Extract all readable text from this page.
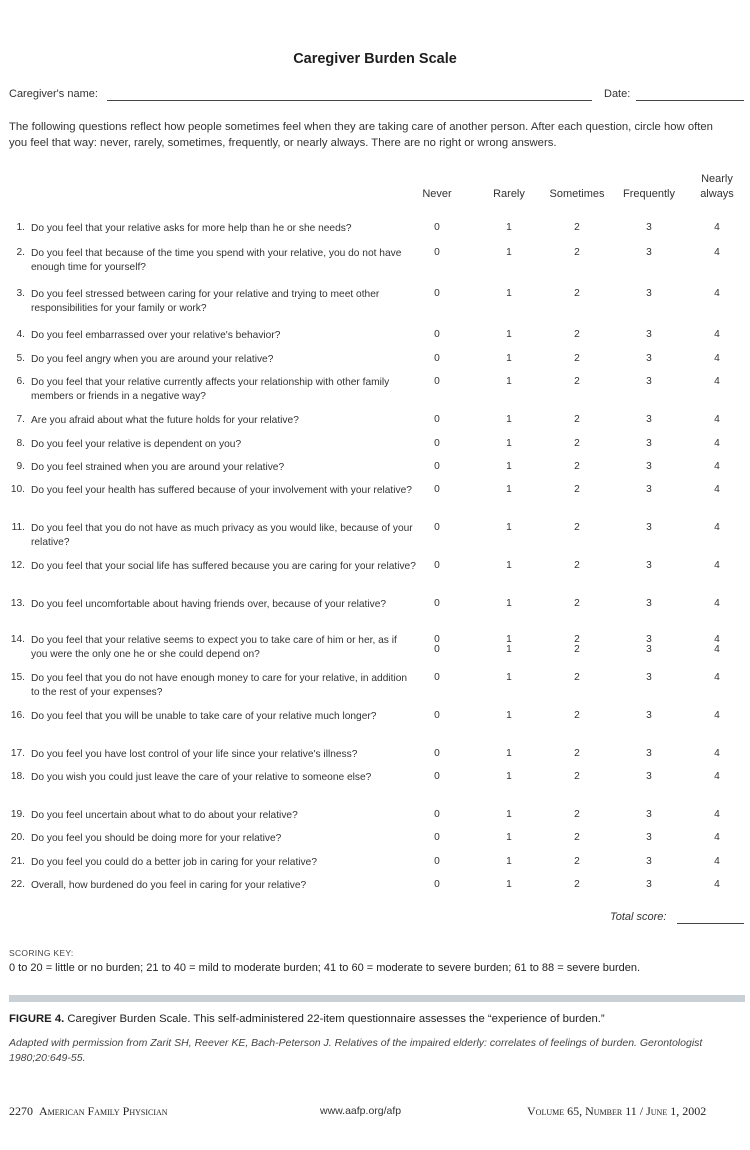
Caregiver Burden Scale
Caregiver's name:	Date:
The following questions reflect how people sometimes feel when they are taking care of another person. After each question, circle how often you feel that way: never, rarely, sometimes, frequently, or nearly always. There are no right or wrong answers.
Never	Rarely	Sometimes	Frequently
Nearly
always
1. Do you feel that your relative asks for more help than he or she needs?	0	1	2	3	4
2. Do you feel that because of the time you spend with your relative, you do not have enough time for yourself?
0	1	2	3	4
3. Do you feel stressed between caring for your relative and trying to meet other responsibilities for your family or work?
0	1	2	3	4
4. Do you feel embarrassed over your relative's behavior?	0	1	2	3	4
5. Do you feel angry when you are around your relative?	0	1	2	3	4
6. Do you feel that your relative currently affects your relationship with other family members or friends in a negative way?
0	1	2	3	4
7. Are you afraid about what the future holds for your relative?	0	1	2	3	4
8. Do you feel your relative is dependent on you?	0	1	2	3	4
9. Do you feel strained when you are around your relative?	0	1	2	3	4
10. Do you feel your health has suffered because of your involvement with your relative?	0	1	2	3	4
11. Do you feel that you do not have as much privacy as you would like, because of your relative?
0	1	2	3	4
12. Do you feel that your social life has suffered because you are caring for your relative?	0	1	2	3	4
13. Do you feel uncomfortable about having friends over, because of your relative?	0	1	2	3	4
14. Do you feel that your relative seems to expect you to take care of him or her, as if you were the only one he or she could depend on?
0	1	2	3	4
0	1	2	3	4
15. Do you feel that you do not have enough money to care for your relative, in addition to the rest of your expenses?
0	1	2	3	4
16. Do you feel that you will be unable to take care of your relative much longer?	0	1	2	3	4
17. Do you feel you have lost control of your life since your relative's illness?	0	1	2	3	4
18. Do you wish you could just leave the care of your relative to someone else?	0	1	2	3	4
19. Do you feel uncertain about what to do about your relative?	0	1	2	3	4
20. Do you feel you should be doing more for your relative?	0	1	2	3	4
21. Do you feel you could do a better job in caring for your relative?	0	1	2	3	4
22. Overall, how burdened do you feel in caring for your relative?	0	1	2	3	4
Total score:
SCORING KEY:
0 to 20 = little or no burden; 21 to 40 = mild to moderate burden; 41 to 60 = moderate to severe burden; 61 to 88 = severe burden.
FIGURE 4. Caregiver Burden Scale. This self-administered 22-item questionnaire assesses the “experience of burden.”
Adapted with permission from Zarit SH, Reever KE, Bach-Peterson J. Relatives of the impaired elderly: correlates of feelings of burden. Gerontologist 1980;20:649-55.
2270 American Family Physician	www.aafp.org/afp	Volume 65, Number 11 / June 1, 2002
